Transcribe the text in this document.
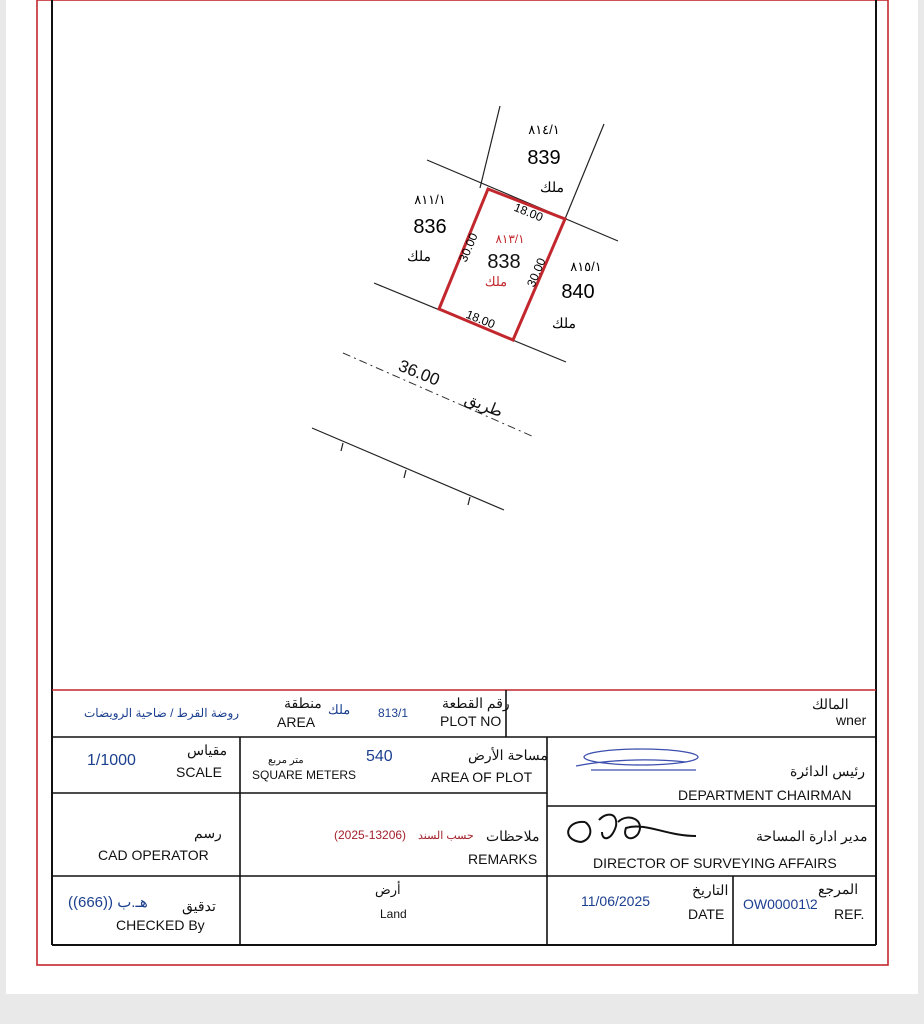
36.00
طريق
٨١٤/١
839
ملك
٨١١/١
836
ملك
٨١٥/١
840
ملك
٨١٣/١
838
ملك
18.00
18.00
30.00
30.00
المالك
wner
رقم القطعة
PLOT NO
813/1
ملك
منطقة
AREA
روضة القرط / ضاحية الرويضات
رئيس الدائرة
DEPARTMENT CHAIRMAN
مساحة الأرض
AREA OF PLOT
540
متر مربع
SQUARE METERS
مقياس
SCALE
1/1000
مدير ادارة المساحة
DIRECTOR OF SURVEYING AFFAIRS
ملاحظات
REMARKS
حسب السند
(2025-13206)
رسم
CAD OPERATOR
المرجع
REF.
OW00001\2
التاريخ
DATE
11/06/2025
أرض
Land
تدقيق
CHECKED By
هـ.ب ((666))
